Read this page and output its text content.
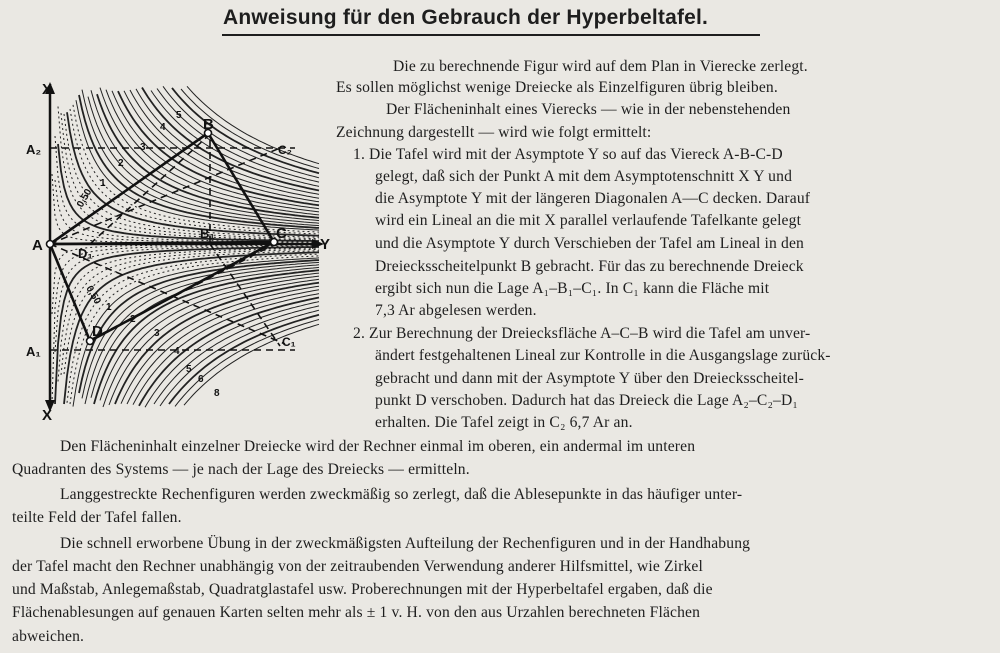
Anweisung für den Gebrauch der Hyperbeltafel.
X
X
Y
A
A₁
A₂
B
B₁	C
C₁
C₂
D
D₁
0,50
1
2
3
4
5
0,50
1
2
3
4
5
6
8
Die zu berechnende Figur wird auf dem Plan in Vierecke zerlegt.
Es sollen möglichst wenige Dreiecke als Einzelfiguren übrig bleiben.
Der Flächeninhalt eines Vierecks — wie in der nebenstehenden
Zeichnung dargestellt — wird wie folgt ermittelt:
1. Die Tafel wird mit der Asymptote Y so auf das Viereck A-B-C-D
gelegt, daß sich der Punkt A mit dem Asymptotenschnitt X Y und
die Asymptote Y mit der längeren Diagonalen A—C decken. Darauf
wird ein Lineal an die mit X parallel verlaufende Tafelkante gelegt
und die Asymptote Y durch Verschieben der Tafel am Lineal in den
Dreiecksscheitelpunkt B gebracht. Für das zu berechnende Dreieck
ergibt sich nun die Lage A₁–B₁–C₁. In C₁ kann die Fläche mit
7,3 Ar abgelesen werden.
2. Zur Berechnung der Dreiecksfläche A–C–B wird die Tafel am unver-
ändert festgehaltenen Lineal zur Kontrolle in die Ausgangslage zurück-
gebracht und dann mit der Asymptote Y über den Dreiecksscheitel-
punkt D verschoben. Dadurch hat das Dreieck die Lage A₂–C₂–D₁
erhalten. Die Tafel zeigt in C₂ 6,7 Ar an.
Den Flächeninhalt einzelner Dreiecke wird der Rechner einmal im oberen, ein andermal im unteren
Quadranten des Systems — je nach der Lage des Dreiecks — ermitteln.
Langgestreckte Rechenfiguren werden zweckmäßig so zerlegt, daß die Ablesepunkte in das häufiger unter-
teilte Feld der Tafel fallen.
Die schnell erworbene Übung in der zweckmäßigsten Aufteilung der Rechenfiguren und in der Handhabung
der Tafel macht den Rechner unabhängig von der zeitraubenden Verwendung anderer Hilfsmittel, wie Zirkel
und Maßstab, Anlegemaßstab, Quadratglastafel usw. Proberechnungen mit der Hyperbeltafel ergaben, daß die
Flächenablesungen auf genauen Karten selten mehr als ± 1 v. H. von den aus Urzahlen berechneten Flächen
abweichen.
